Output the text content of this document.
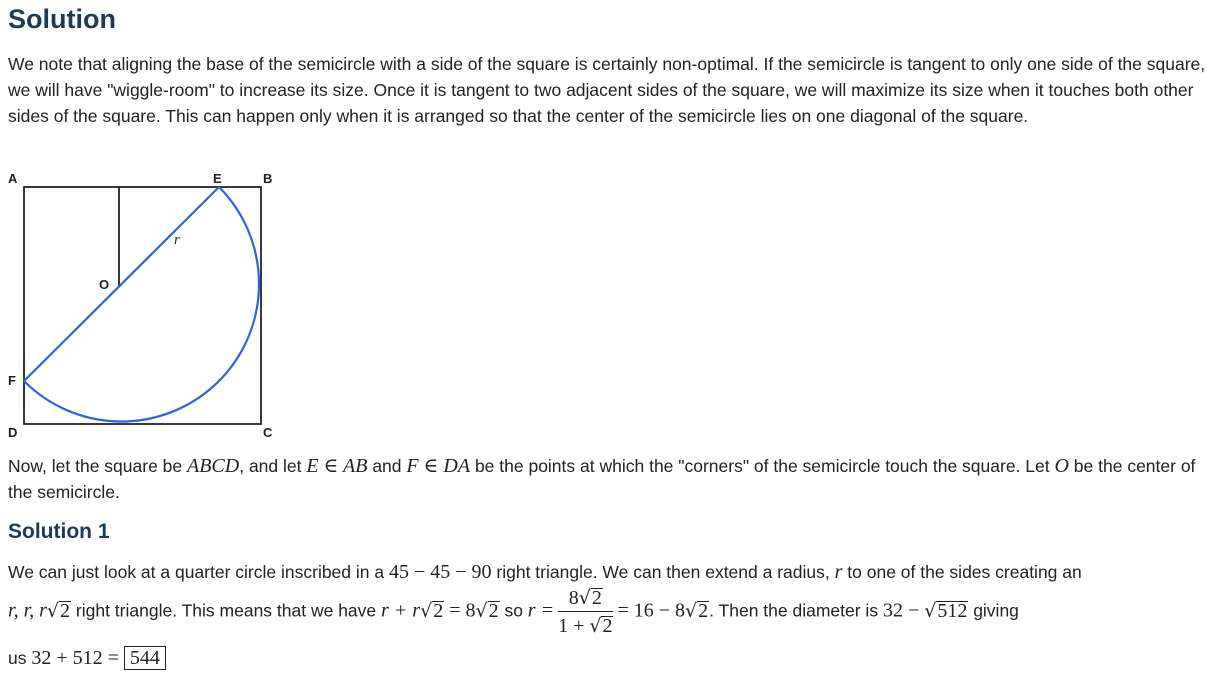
Solution

We note that aligning the base of the semicircle with a side of the square is certainly non-optimal. If the semicircle is tangent to only one side of the square, we will have "wiggle-room" to increase its size. Once it is tangent to two adjacent sides of the square, we will maximize its size when it touches both other sides of the square. This can happen only when it is arranged so that the center of the semicircle lies on one diagonal of the square.

A	E	B
O
r
F
D	C

Now, let the square be ABCD, and let E ∈ AB and F ∈ DA be the points at which the "corners" of the semicircle touch the square. Let O be the center of the semicircle.

Solution 1
We can just look at a quarter circle inscribed in a 45 − 45 − 90 right triangle. We can then extend a radius, r to one of the sides creating an
r, r, r√2 right triangle. This means that we have r + r√2 = 8√2 so $r = \frac{8√2}{1 + √2} = 16 - 8√2$. Then the diameter is 32 − √512 giving
us 32 + 512 = 544
